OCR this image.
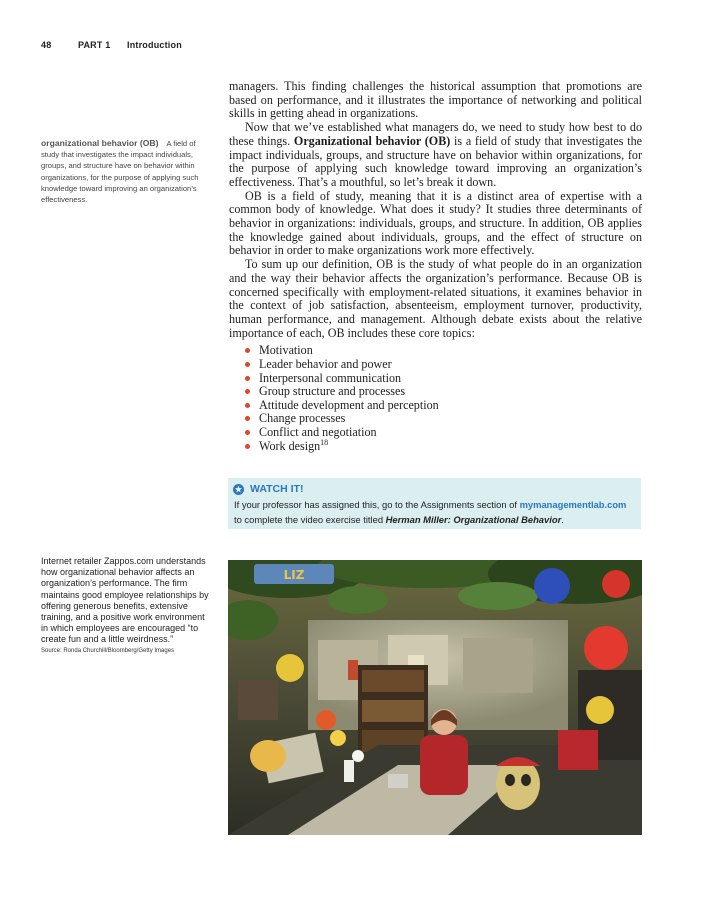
48	PART 1 Introduction
organizational behavior (OB) A field of study that investigates the impact individuals, groups, and structure have on behavior within organizations, for the purpose of applying such knowledge toward improving an organization’s effectiveness.

managers. This finding challenges the historical assumption that promotions are based on performance, and it illustrates the importance of networking and political skills in getting ahead in organizations.

Now that we’ve established what managers do, we need to study how best to do these things. Organizational behavior (OB) is a field of study that investigates the impact individuals, groups, and structure have on behavior within organizations, for the purpose of applying such knowledge toward improving an organization’s effectiveness. That’s a mouthful, so let’s break it down.

OB is a field of study, meaning that it is a distinct area of expertise with a common body of knowledge. What does it study? It studies three determinants of behavior in organizations: individuals, groups, and structure. In addition, OB applies the knowledge gained about individuals, groups, and the effect of structure on behavior in order to make organizations work more effectively.

To sum up our definition, OB is the study of what people do in an organization and the way their behavior affects the organization’s performance. Because OB is concerned specifically with employment-related situations, it examines behavior in the context of job satisfaction, absenteeism, employment turnover, productivity, human performance, and management. Although debate exists about the relative importance of each, OB includes these core topics:

Motivation
Leader behavior and power
Interpersonal communication
Group structure and processes
Attitude development and perception
Change processes
Conflict and negotiation
Work design$^{18}$
★ WATCH IT!
If your professor has assigned this, go to the Assignments section of mymanagementlab.com
to complete the video exercise titled Herman Miller: Organizational Behavior.
Internet retailer Zappos.com understands how organizational behavior affects an organization’s performance. The firm maintains good employee relationships by offering generous benefits, extensive training, and a positive work environment in which employees are encouraged “to create fun and a little weirdness.”
Source: Ronda Churchill/Bloomberg/Getty Images
LIZ
